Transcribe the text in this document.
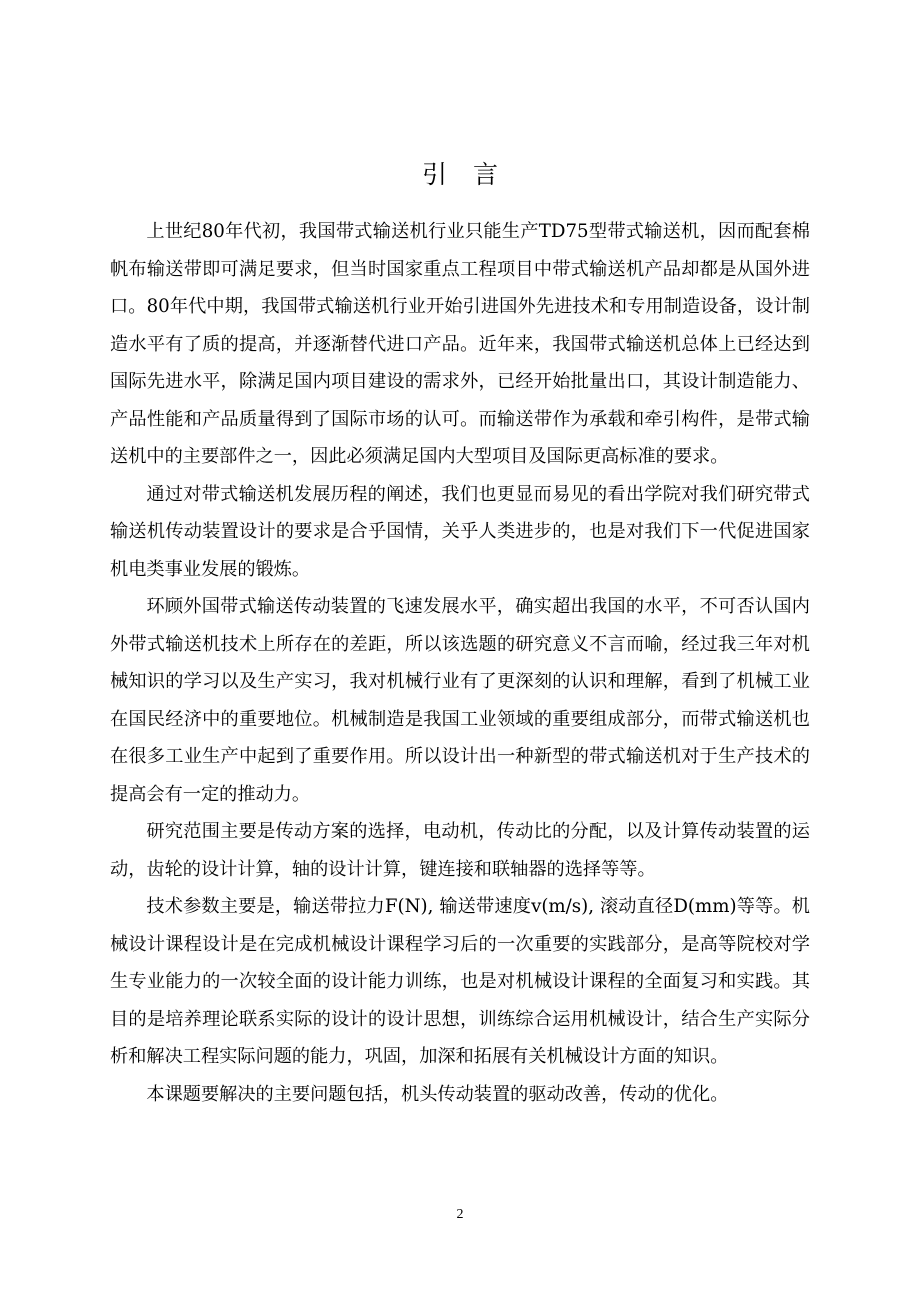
引言

上世纪80年代初，我国带式输送机行业只能生产TD75型带式输送机，因而配套棉帆布输送带即可满足要求，但当时国家重点工程项目中带式输送机产品却都是从国外进口。80年代中期，我国带式输送机行业开始引进国外先进技术和专用制造设备，设计制造水平有了质的提高，并逐渐替代进口产品。近年来，我国带式输送机总体上已经达到国际先进水平，除满足国内项目建设的需求外，已经开始批量出口，其设计制造能力、产品性能和产品质量得到了国际市场的认可。而输送带作为承载和牵引构件，是带式输送机中的主要部件之一，因此必须满足国内大型项目及国际更高标准的要求。

通过对带式输送机发展历程的阐述，我们也更显而易见的看出学院对我们研究带式输送机传动装置设计的要求是合乎国情，关乎人类进步的，也是对我们下一代促进国家机电类事业发展的锻炼。

环顾外国带式输送传动装置的飞速发展水平，确实超出我国的水平，不可否认国内外带式输送机技术上所存在的差距，所以该选题的研究意义不言而喻，经过我三年对机械知识的学习以及生产实习，我对机械行业有了更深刻的认识和理解，看到了机械工业在国民经济中的重要地位。机械制造是我国工业领域的重要组成部分，而带式输送机也在很多工业生产中起到了重要作用。所以设计出一种新型的带式输送机对于生产技术的提高会有一定的推动力。

研究范围主要是传动方案的选择，电动机，传动比的分配，以及计算传动装置的运动，齿轮的设计计算，轴的设计计算，键连接和联轴器的选择等等。

技术参数主要是，输送带拉力F(N), 输送带速度v(m/s), 滚动直径D(mm)等等。机械设计课程设计是在完成机械设计课程学习后的一次重要的实践部分，是高等院校对学生专业能力的一次较全面的设计能力训练，也是对机械设计课程的全面复习和实践。其目的是培养理论联系实际的设计的设计思想，训练综合运用机械设计，结合生产实际分析和解决工程实际问题的能力，巩固，加深和拓展有关机械设计方面的知识。

本课题要解决的主要问题包括，机头传动装置的驱动改善，传动的优化。

2
